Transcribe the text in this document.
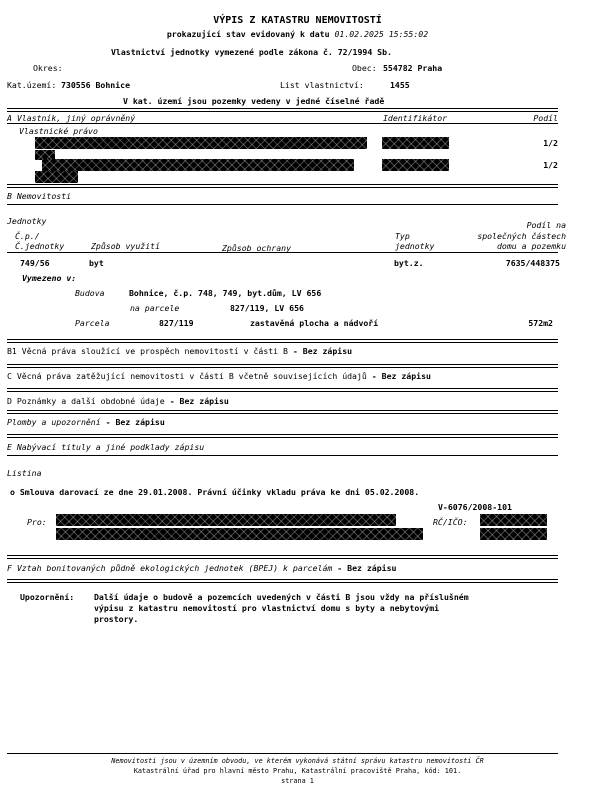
VÝPIS Z KATASTRU NEMOVITOSTÍ
prokazující stav evidovaný k datu 01.02.2025 15:55:02
Vlastnictví jednotky vymezené podle zákona č. 72/1994 Sb.
Okres:	Obec: 554782 Praha
Kat.území: 730556 Bohnice	List vlastnictví:	1455
V kat. území jsou pozemky vedeny v jedné číselné řadě
A Vlastník, jiný oprávněný	Identifikátor	Podíl
Vlastnické právo
1/2
1/2
B Nemovitosti
Jednotky	Podíl na
Č.p./	Typ	společných částech
Č.jednotky	Způsob využití	Způsob ochrany	jednotky	domu a pozemku
749/56	byt	byt.z.	7635/448375
Vymezeno v:
Budova	Bohnice, č.p. 748, 749, byt.dům, LV 656
na parcele	827/119, LV 656
Parcela	827/119	zastavěná plocha a nádvoří	572m2
B1 Věcná práva sloužící ve prospěch nemovitostí v části B - Bez zápisu
C Věcná práva zatěžující nemovitosti v části B včetně souvisejících údajů - Bez zápisu
D Poznámky a další obdobné údaje - Bez zápisu
Plomby a upozornění - Bez zápisu
E Nabývací tituly a jiné podklady zápisu
Listina
o Smlouva darovací ze dne 29.01.2008. Právní účinky vkladu práva ke dni 05.02.2008.
V-6076/2008-101
Pro:	RČ/IČO:
F Vztah bonitovaných půdně ekologických jednotek (BPEJ) k parcelám - Bez zápisu
Upozornění: Další údaje o budově a pozemcích uvedených v části B jsou vždy na příslušném
výpisu z katastru nemovitostí pro vlastnictví domu s byty a nebytovými
prostory.
Nemovitosti jsou v územním obvodu, ve kterém vykonává státní správu katastru nemovitostí ČR
Katastrální úřad pro hlavní město Prahu, Katastrální pracoviště Praha, kód: 101.
strana 1
